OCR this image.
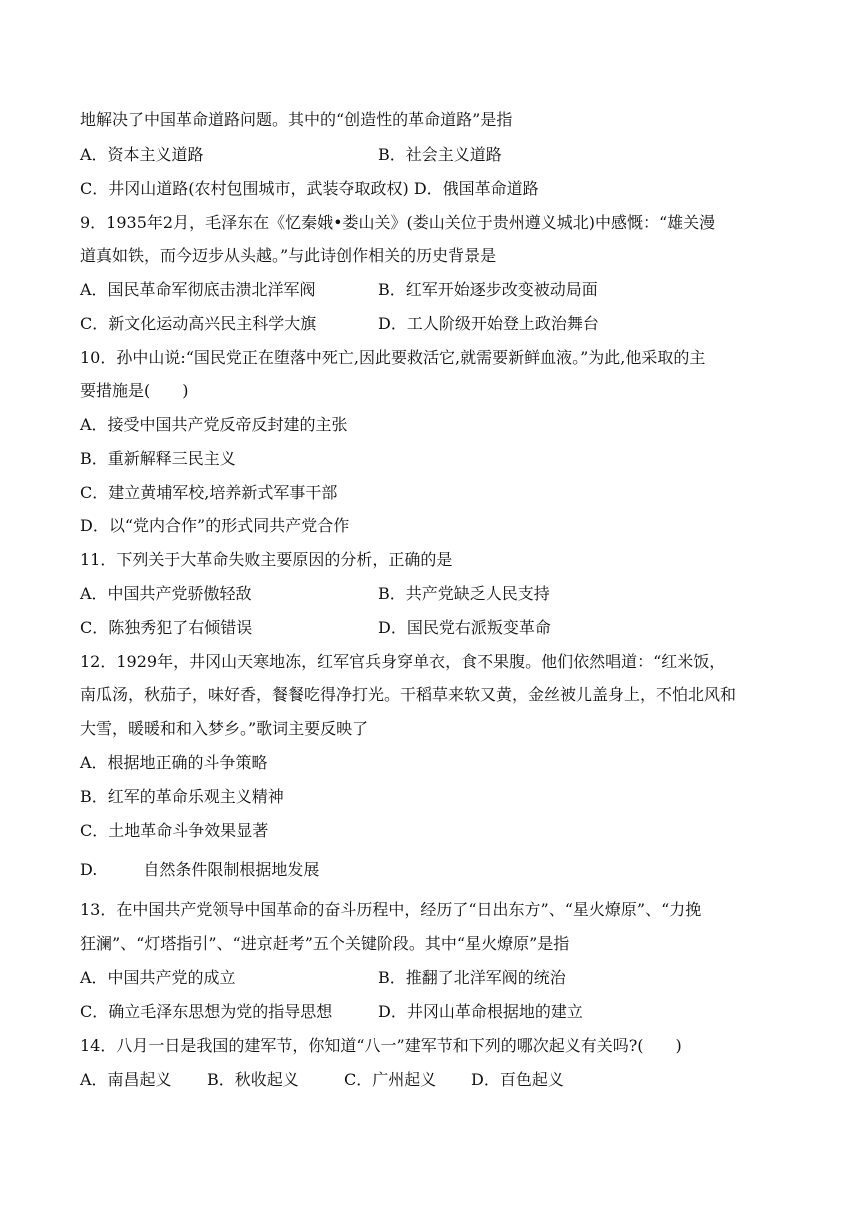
地解决了中国革命道路问题。其中的“创造性的革命道路”是指
A．资本主义道路	B．社会主义道路
C．井冈山道路(农村包围城市，武装夺取政权) D．俄国革命道路
9．1935年2月，毛泽东在《忆秦娥•娄山关》(娄山关位于贵州遵义城北)中感慨：“雄关漫
道真如铁，而今迈步从头越。”与此诗创作相关的历史背景是
A．国民革命军彻底击溃北洋军阀	B．红军开始逐步改变被动局面
C．新文化运动高兴民主科学大旗	D．工人阶级开始登上政治舞台
10．孙中山说:“国民党正在堕落中死亡,因此要救活它,就需要新鲜血液。”为此,他采取的主
要措施是(　　)
A．接受中国共产党反帝反封建的主张
B．重新解释三民主义
C．建立黄埔军校,培养新式军事干部
D．以“党内合作”的形式同共产党合作
11．下列关于大革命失败主要原因的分析，正确的是
A．中国共产党骄傲轻敌	B．共产党缺乏人民支持
C．陈独秀犯了右倾错误	D．国民党右派叛变革命
12．1929年，井冈山天寒地冻，红军官兵身穿单衣，食不果腹。他们依然唱道：“红米饭，
南瓜汤，秋茄子，味好香，餐餐吃得净打光。干稻草来软又黄，金丝被儿盖身上，不怕北风和
大雪，暖暖和和入梦乡。”歌词主要反映了
A．根据地正确的斗争策略
B．红军的革命乐观主义精神
C．土地革命斗争效果显著
D.	自然条件限制根据地发展
13．在中国共产党领导中国革命的奋斗历程中，经历了“日出东方”、“星火燎原”、“力挽
狂澜”、“灯塔指引”、“进京赶考”五个关键阶段。其中“星火燎原”是指
A．中国共产党的成立	B．推翻了北洋军阀的统治
C．确立毛泽东思想为党的指导思想	D．井冈山革命根据地的建立
14．八月一日是我国的建军节，你知道“八一”建军节和下列的哪次起义有关吗?(　　)
A．南昌起义 B．秋收起义	C．广州起义 D．百色起义
